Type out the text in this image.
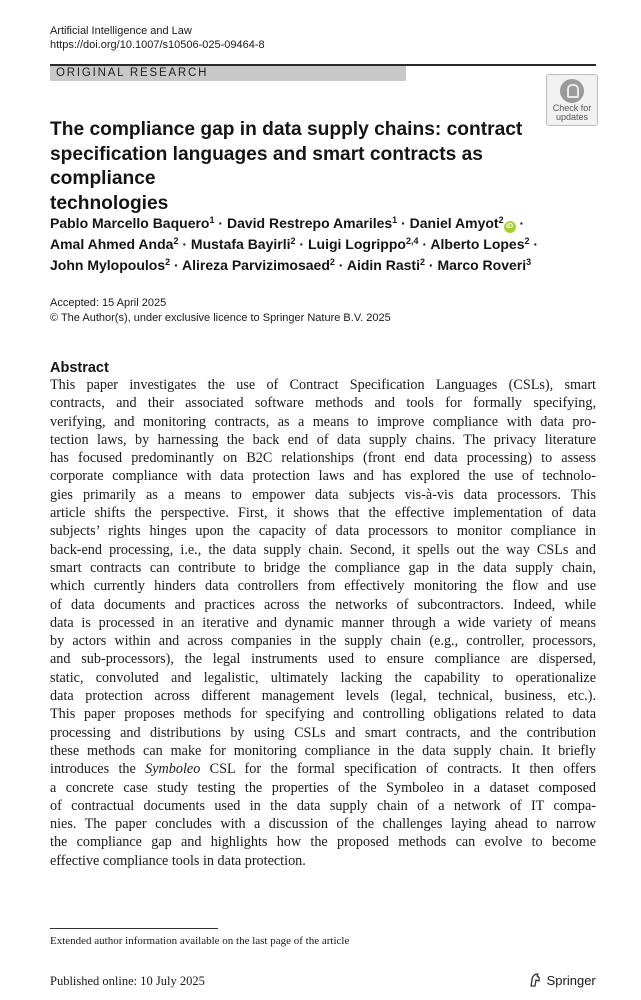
Artificial Intelligence and Law
https://doi.org/10.1007/s10506-025-09464-8
ORIGINAL RESEARCH
Check for
updates
The compliance gap in data supply chains: contract
specification languages and smart contracts as compliance
technologies
Pablo Marcello Baquero$^1$ · David Restrepo Amariles$^1$ · Daniel Amyot$^2$iD ·
Amal Ahmed Anda$^2$ · Mustafa Bayirli$^2$ · Luigi Logrippo$^{2,4}$ · Alberto Lopes$^2$ ·
John Mylopoulos$^2$ · Alireza Parvizimosaed$^2$ · Aidin Rasti$^2$ · Marco Roveri$^3$
Accepted: 15 April 2025
© The Author(s), under exclusive licence to Springer Nature B.V. 2025
Abstract
This paper investigates the use of Contract Specification Languages (CSLs), smart
contracts, and their associated software methods and tools for formally specifying,
verifying, and monitoring contracts, as a means to improve compliance with data pro-
tection laws, by harnessing the back end of data supply chains. The privacy literature
has focused predominantly on B2C relationships (front end data processing) to assess
corporate compliance with data protection laws and has explored the use of technolo-
gies primarily as a means to empower data subjects vis-à-vis data processors. This
article shifts the perspective. First, it shows that the effective implementation of data
subjects’ rights hinges upon the capacity of data processors to monitor compliance in
back-end processing, i.e., the data supply chain. Second, it spells out the way CSLs and
smart contracts can contribute to bridge the compliance gap in the data supply chain,
which currently hinders data controllers from effectively monitoring the flow and use
of data documents and practices across the networks of subcontractors. Indeed, while
data is processed in an iterative and dynamic manner through a wide variety of means
by actors within and across companies in the supply chain (e.g., controller, processors,
and sub-processors), the legal instruments used to ensure compliance are dispersed,
static, convoluted and legalistic, ultimately lacking the capability to operationalize
data protection across different management levels (legal, technical, business, etc.).
This paper proposes methods for specifying and controlling obligations related to data
processing and distributions by using CSLs and smart contracts, and the contribution
these methods can make for monitoring compliance in the data supply chain. It briefly
introduces the Symboleo CSL for the formal specification of contracts. It then offers
a concrete case study testing the properties of the Symboleo in a dataset composed
of contractual documents used in the data supply chain of a network of IT compa-
nies. The paper concludes with a discussion of the challenges laying ahead to narrow
the compliance gap and highlights how the proposed methods can evolve to become
effective compliance tools in data protection.
Extended author information available on the last page of the article
Published online: 10 July 2025	Springer
